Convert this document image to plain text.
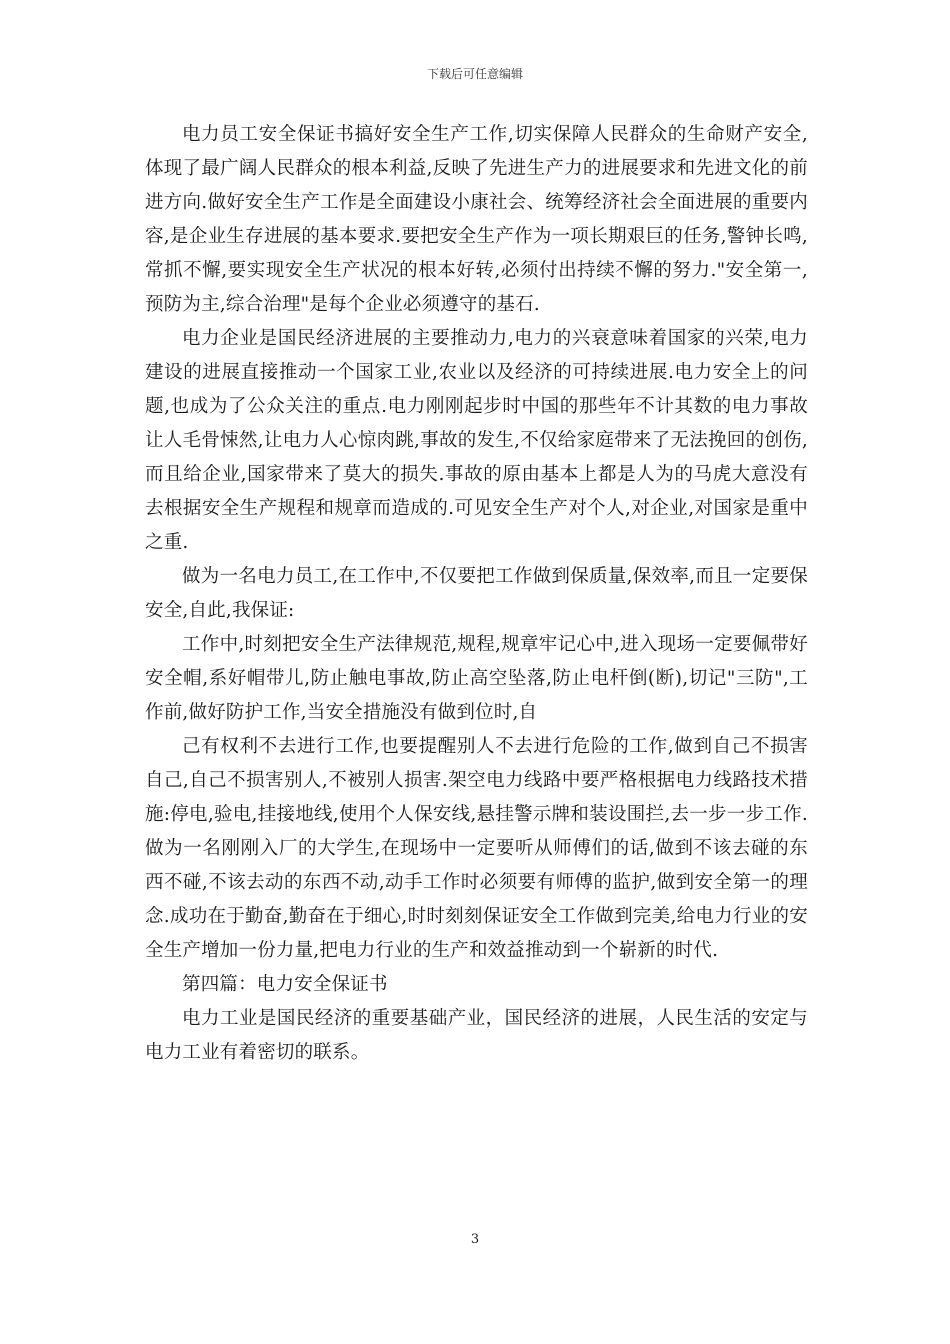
下载后可任意编辑

电力员工安全保证书搞好安全生产工作,切实保障人民群众的生命财产安全,体现了最广阔人民群众的根本利益,反映了先进生产力的进展要求和先进文化的前进方向.做好安全生产工作是全面建设小康社会、统筹经济社会全面进展的重要内容,是企业生存进展的基本要求.要把安全生产作为一项长期艰巨的任务,警钟长鸣,常抓不懈,要实现安全生产状况的根本好转,必须付出持续不懈的努力."安全第一,预防为主,综合治理"是每个企业必须遵守的基石.

电力企业是国民经济进展的主要推动力,电力的兴衰意味着国家的兴荣,电力建设的进展直接推动一个国家工业,农业以及经济的可持续进展.电力安全上的问题,也成为了公众关注的重点.电力刚刚起步时中国的那些年不计其数的电力事故让人毛骨悚然,让电力人心惊肉跳,事故的发生,不仅给家庭带来了无法挽回的创伤,而且给企业,国家带来了莫大的损失.事故的原由基本上都是人为的马虎大意没有去根据安全生产规程和规章而造成的.可见安全生产对个人,对企业,对国家是重中之重.

做为一名电力员工,在工作中,不仅要把工作做到保质量,保效率,而且一定要保安全,自此,我保证:

工作中,时刻把安全生产法律规范,规程,规章牢记心中,进入现场一定要佩带好安全帽,系好帽带儿,防止触电事故,防止高空坠落,防止电杆倒(断),切记"三防",工作前,做好防护工作,当安全措施没有做到位时,自

己有权利不去进行工作,也要提醒别人不去进行危险的工作,做到自己不损害自己,自己不损害别人,不被别人损害.架空电力线路中要严格根据电力线路技术措施:停电,验电,挂接地线,使用个人保安线,悬挂警示牌和装设围拦,去一步一步工作.做为一名刚刚入厂的大学生,在现场中一定要听从师傅们的话,做到不该去碰的东西不碰,不该去动的东西不动,动手工作时必须要有师傅的监护,做到安全第一的理念.成功在于勤奋,勤奋在于细心,时时刻刻保证安全工作做到完美,给电力行业的安全生产增加一份力量,把电力行业的生产和效益推动到一个崭新的时代.

第四篇：电力安全保证书

电力工业是国民经济的重要基础产业，国民经济的进展，人民生活的安定与电力工业有着密切的联系。

3
